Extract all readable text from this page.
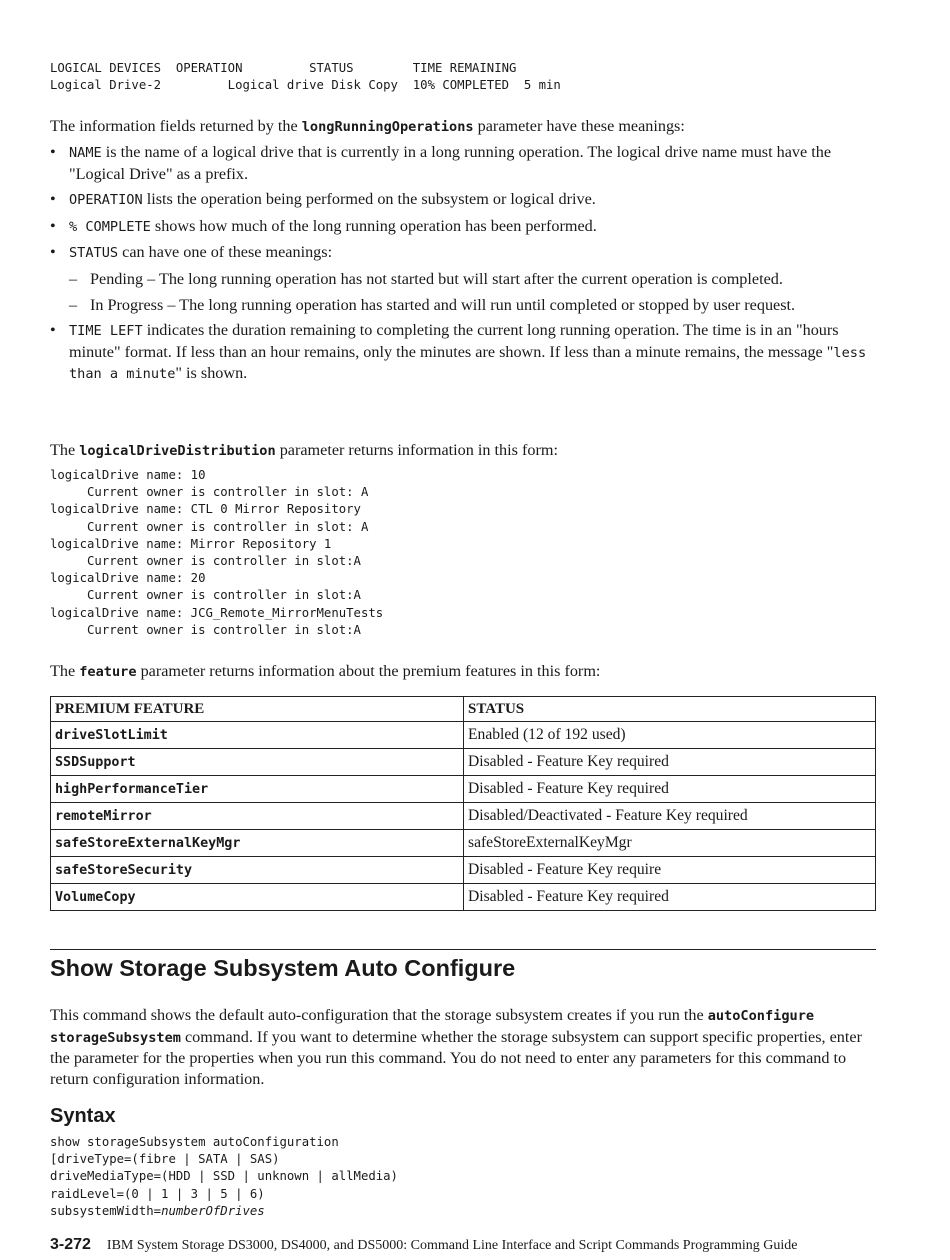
LOGICAL DEVICES  OPERATION         STATUS        TIME REMAINING
Logical Drive-2         Logical drive Disk Copy  10% COMPLETED  5 min

The information fields returned by the longRunningOperations parameter have these meanings:

• NAME is the name of a logical drive that is currently in a long running operation. The logical drive name must have the "Logical Drive" as a prefix.
• OPERATION lists the operation being performed on the subsystem or logical drive.
• % COMPLETE shows how much of the long running operation has been performed.
• STATUS can have one of these meanings:
– Pending – The long running operation has not started but will start after the current operation is completed.
– In Progress – The long running operation has started and will run until completed or stopped by user request.
• TIME LEFT indicates the duration remaining to completing the current long running operation. The time is in an "hours minute" format. If less than an hour remains, only the minutes are shown. If less than a minute remains, the message "less than a minute" is shown.

The logicalDriveDistribution parameter returns information in this form:

logicalDrive name: 10
Current owner is controller in slot: A
logicalDrive name: CTL 0 Mirror Repository
Current owner is controller in slot: A
logicalDrive name: Mirror Repository 1
Current owner is controller in slot:A
logicalDrive name: 20
Current owner is controller in slot:A
logicalDrive name: JCG_Remote_MirrorMenuTests
Current owner is controller in slot:A

The feature parameter returns information about the premium features in this form:

PREMIUM FEATURE	STATUS
driveSlotLimit	Enabled (12 of 192 used)
SSDSupport	Disabled - Feature Key required
highPerformanceTier	Disabled - Feature Key required
remoteMirror	Disabled/Deactivated - Feature Key required
safeStoreExternalKeyMgr	safeStoreExternalKeyMgr
safeStoreSecurity	Disabled - Feature Key require
VolumeCopy	Disabled - Feature Key required
Show Storage Subsystem Auto Configure

This command shows the default auto-configuration that the storage subsystem creates if you run the autoConfigure storageSubsystem command. If you want to determine whether the storage subsystem can support specific properties, enter the parameter for the properties when you run this command. You do not need to enter any parameters for this command to return configuration information.

Syntax
show storageSubsystem autoConfiguration
[driveType=(fibre | SATA | SAS)
driveMediaType=(HDD | SSD | unknown | allMedia)
raidLevel=(0 | 1 | 3 | 5 | 6)
subsystemWidth=numberOfDrives
3-272 IBM System Storage DS3000, DS4000, and DS5000: Command Line Interface and Script Commands Programming Guide
